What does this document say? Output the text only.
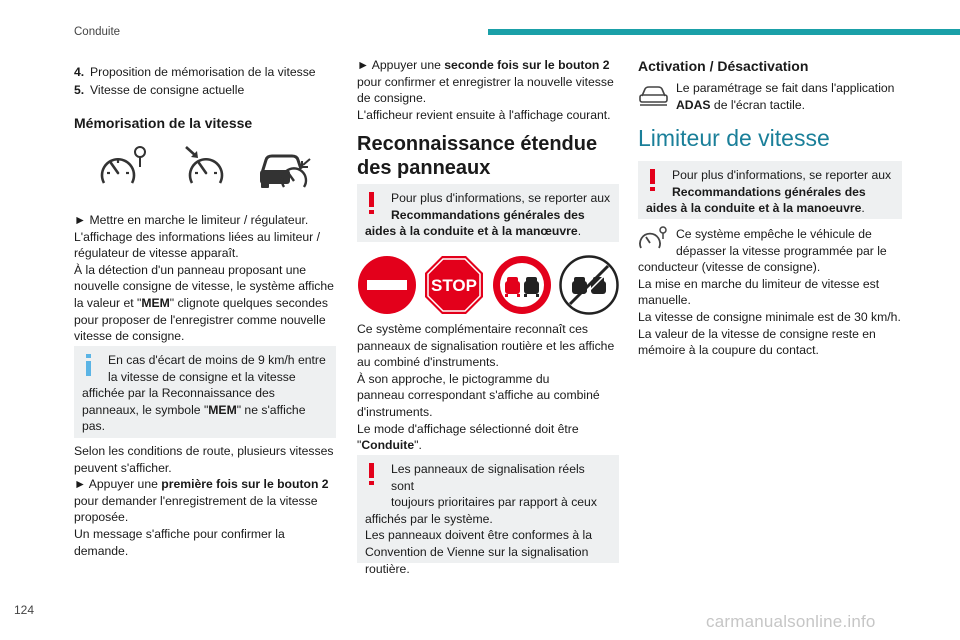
Conduite

4. Proposition de mémorisation de la vitesse

5. Vitesse de consigne actuelle

Mémorisation de la vitesse

► Mettre en marche le limiteur / régulateur.

L'affichage des informations liées au limiteur /

régulateur de vitesse apparaît.

À la détection d'un panneau proposant une

nouvelle consigne de vitesse, le système affiche

la valeur et "MEM" clignote quelques secondes

pour proposer de l'enregistrer comme nouvelle

vitesse de consigne.

En cas d'écart de moins de 9 km/h entre

la vitesse de consigne et la vitesse

affichée par la Reconnaissance des

panneaux, le symbole "MEM" ne s'affiche

pas.

Selon les conditions de route, plusieurs vitesses

peuvent s'afficher.

► Appuyer une première fois sur le bouton 2

pour demander l'enregistrement de la vitesse

proposée.

Un message s'affiche pour confirmer la

demande.

► Appuyer une seconde fois sur le bouton 2

pour confirmer et enregistrer la nouvelle vitesse

de consigne.

L'afficheur revient ensuite à l'affichage courant.

Reconnaissance étendue
des panneaux

Pour plus d'informations, se reporter aux

Recommandations générales des

aides à la conduite et à la manœuvre.

STOP

Ce système complémentaire reconnaît ces

panneaux de signalisation routière et les affiche

au combiné d'instruments.

À son approche, le pictogramme du

panneau correspondant s'affiche au combiné

d'instruments.

Le mode d'affichage sélectionné doit être

"Conduite".

Les panneaux de signalisation réels sont

toujours prioritaires par rapport à ceux

affichés par le système.

Les panneaux doivent être conformes à la

Convention de Vienne sur la signalisation

routière.

Activation / Désactivation

Le paramétrage se fait dans l'application

ADAS de l'écran tactile.

Limiteur de vitesse

Pour plus d'informations, se reporter aux

Recommandations générales des

aides à la conduite et à la manoeuvre.

Ce système empêche le véhicule de

dépasser la vitesse programmée par le

conducteur (vitesse de consigne).

La mise en marche du limiteur de vitesse est

manuelle.

La vitesse de consigne minimale est de 30 km/h.

La valeur de la vitesse de consigne reste en

mémoire à la coupure du contact.

124
carmanualsonline.info
